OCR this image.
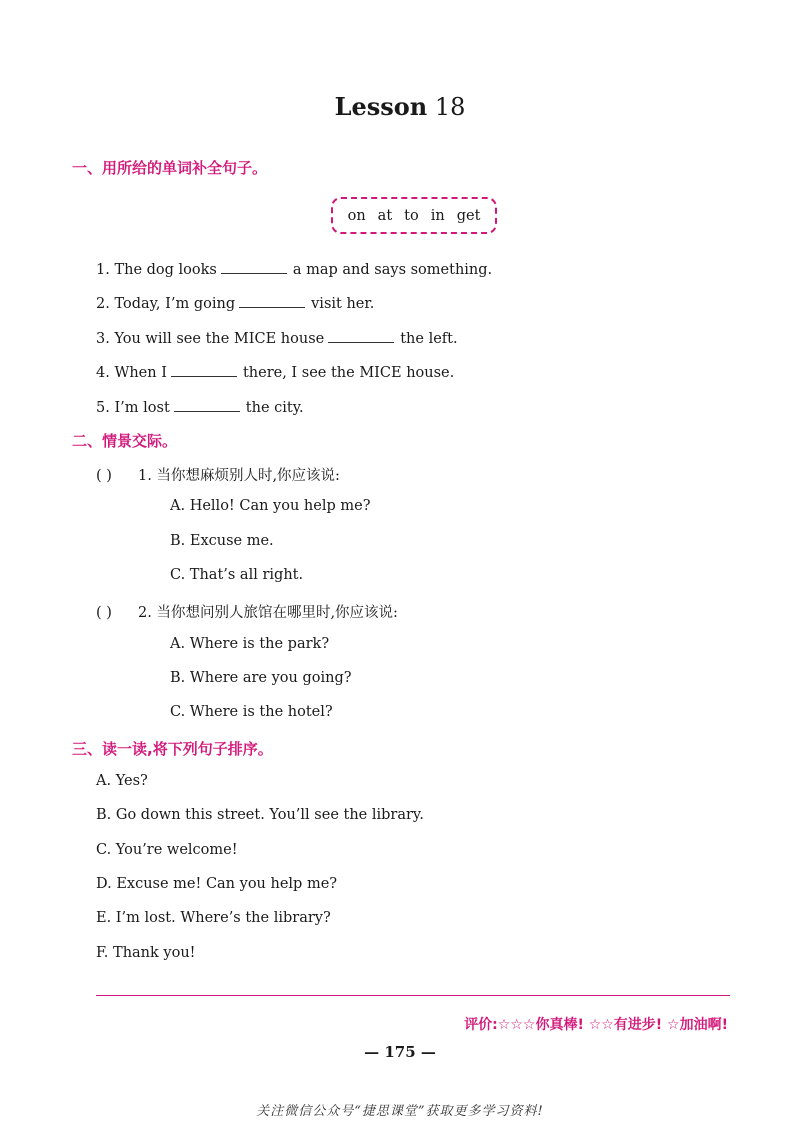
Lesson 18
一、用所给的单词补全句子。
on at to in get
1. The dog looks	a map and says something.
2. Today, I’m going	visit her.
3. You will see the MICE house	the left.
4. When I	there, I see the MICE house.
5. I’m lost	the city.
二、情景交际。
( ) 1. 当你想麻烦别人时,你应该说:
A. Hello! Can you help me?
B. Excuse me.
C. That’s all right.
( ) 2. 当你想问别人旅馆在哪里时,你应该说:
A. Where is the park?
B. Where are you going?
C. Where is the hotel?
三、读一读,将下列句子排序。
A. Yes?
B. Go down this street. You’ll see the library.
C. You’re welcome!
D. Excuse me! Can you help me?
E. I’m lost. Where’s the library?
F. Thank you!
评价:☆☆☆你真棒! ☆☆有进步! ☆加油啊!
— 175 —
关注微信公众号“捷思课堂”获取更多学习资料!
